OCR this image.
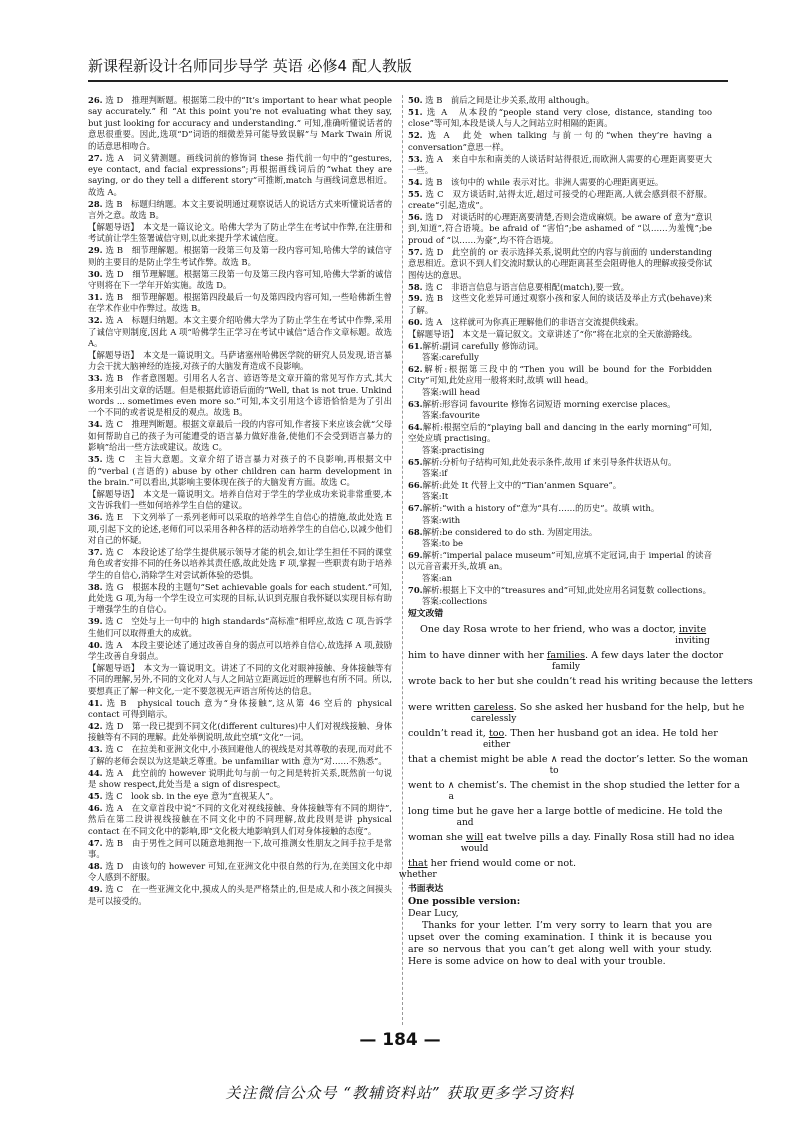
新课程新设计名师同步导学 英语 必修4 配人教版
26. 选 D　推理判断题。根据第二段中的“It’s important to hear what people say accurately.” 和 “At this point you’re not evaluating what they say, but just looking for accuracy and understanding.” 可知,准确听懂说话者的意思很重要。因此,选项“D”词语的细微差异可能导致误解”与 Mark Twain 所说的话意思相吻合。
27. 选 A　词义猜测题。画线词前的修饰词 these 指代前一句中的“gestures, eye contact, and facial expressions”;再根据画线词后的“what they are saying, or do they tell a different story”可推断,match 与画线词意思相近。故选 A。
28. 选 B　标题归纳题。本文主要说明通过观察说话人的说话方式来听懂说话者的言外之意。故选 B。
【解题导语】　本文是一篇议论文。哈佛大学为了防止学生在考试中作弊,在注册和考试前让学生签署诚信守则,以此来提升学术诚信度。
29. 选 B　细节理解题。根据第一段第三句及第一段内容可知,哈佛大学的诚信守则的主要目的是防止学生考试作弊。故选 B。
30. 选 D　细节理解题。根据第三段第一句及第三段内容可知,哈佛大学新的诚信守则将在下一学年开始实施。故选 D。
31. 选 B　细节理解题。根据第四段最后一句及第四段内容可知,一些哈佛新生曾在学术作业中作弊过。故选 B。
32. 选 A　标题归纳题。本文主要介绍哈佛大学为了防止学生在考试中作弊,采用了诚信守则制度,因此 A 项“哈佛学生正学习在考试中诚信”适合作文章标题。故选 A。
【解题导语】　本文是一篇说明文。马萨诸塞州哈佛医学院的研究人员发现,语言暴力会干扰大脑神经的连接,对孩子的大脑发育造成不良影响。
33. 选 B　作者意图题。引用名人名言、谚语等是文章开篇的常见写作方式,其大多用来引出文章的话题。但是根据此谚语后面的“Well, that is not true. Unkind words ... sometimes even more so.”可知,本文引用这个谚语恰恰是为了引出一个不同的或者说是相反的观点。故选 B。
34. 选 C　推理判断题。根据文章最后一段的内容可知,作者接下来应该会就“父母如何帮助自己的孩子为可能遭受的语言暴力做好准备,使他们不会受到语言暴力的影响”给出一些方法或建议。故选 C。
35. 选 C　主旨大意题。文章介绍了语言暴力对孩子的不良影响,再根据文中的“verbal (言语的) abuse by other children can harm development in the brain.”可以看出,其影响主要体现在孩子的大脑发育方面。故选 C。
【解题导语】　本文是一篇说明文。培养自信对于学生的学业成功来说非常重要,本文告诉我们一些如何培养学生自信的建议。
36. 选 E　下文列举了一系列老师可以采取的培养学生自信心的措施,故此处选 E 项,引起下文的论述,老师们可以采用各种各样的活动培养学生的自信心,以减少他们对自己的怀疑。
37. 选 C　本段论述了给学生提供展示领导才能的机会,如让学生担任不同的课堂角色或者安排不同的任务以培养其责任感,故此处选 F 项,掌握一些职责有助于培养学生的自信心,消除学生对尝试新体验的恐惧。
38. 选 G　根据本段的主题句“Set achievable goals for each student.”可知,此处选 G 项,为每一个学生设立可实现的目标,认识到克服自我怀疑以实现目标有助于增强学生的自信心。
39. 选 C　空处与上一句中的 high standards“高标准”相呼应,故选 C 项,告诉学生他们可以取得重大的成就。
40. 选 A　本段主要论述了通过改善自身的弱点可以培养自信心,故选择 A 项,鼓励学生改善自身弱点。
【解题导语】　本文为一篇说明文。讲述了不同的文化对眼神接触、身体接触等有不同的理解,另外,不同的文化对人与人之间站立距离远近的理解也有所不同。所以,要想真正了解一种文化,一定不要忽视无声语言所传达的信息。
41. 选 B　physical touch 意为“身体接触”,这从第 46 空后的 physical contact 可得到暗示。
42. 选 D　第一段已提到不同文化(different cultures)中人们对视线接触、身体接触等有不同的理解。此处举例说明,故此空填“文化”一词。
43. 选 C　在拉美和亚洲文化中,小孩回避他人的视线是对其尊敬的表现,而对此不了解的老师会误以为这是缺乏尊重。be unfamiliar with 意为“对……不熟悉”。
44. 选 A　此空前的 however 说明此句与前一句之间是转折关系,既然前一句说是 show respect,此处当是 a sign of disrespect。
45. 选 C　look sb. in the eye 意为“直视某人”。
46. 选 A　在文章首段中说“不同的文化对视线接触、身体接触等有不同的期待”,然后在第二段讲视线接触在不同文化中的不同理解,故此段则是讲 physical contact 在不同文化中的影响,即“文化极大地影响到人们对身体接触的态度”。
47. 选 B　由于男性之间可以随意地拥抱一下,故可推测女性朋友之间手拉手是常事。
48. 选 D　由该句的 however 可知,在亚洲文化中很自然的行为,在美国文化中却令人感到不舒服。
49. 选 C　在一些亚洲文化中,摸成人的头是严格禁止的,但是成人和小孩之间摸头是可以接受的。
50. 选 B　前后之间是让步关系,故用 although。
51. 选 A　从本段的“people stand very close, distance, standing too close”等可知,本段是谈人与人之间站立时相隔的距离。
52. 选 A　此处 when talking 与前一句的“when they’re having a conversation”意思一样。
53. 选 A　来自中东和南美的人谈话时站得很近,而欧洲人需要的心理距离要更大一些。
54. 选 B　该句中的 while 表示对比。非洲人需要的心理距离更远。
55. 选 C　双方谈话时,站得太近,超过可接受的心理距离,人就会感到很不舒服。create“引起,造成”。
56. 选 D　对谈话时的心理距离要清楚,否则会造成麻烦。be aware of 意为“意识到,知道”,符合语境。be afraid of “害怕”;be ashamed of “以……为羞愧”;be proud of “以……为豪”,均不符合语境。
57. 选 D　此空前的 or 表示选择关系,说明此空的内容与前面的 understanding 意思相近。意识不到人们交流时默认的心理距离甚至会阻碍他人的理解或接受你试图传达的意思。
58. 选 C　非语言信息与语言信息要相配(match),要一致。
59. 选 B　这些文化差异可通过观察小孩和家人间的谈话及举止方式(behave)来了解。
60. 选 A　这样就可为你真正理解他们的非语言交流提供线索。
【解题导语】　本文是一篇记叙文。文章讲述了“你”将在北京的全天旅游路线。
61.解析:副词 carefully 修饰动词。
答案:carefully
62.解析:根据第三段中的“Then you will be bound for the Forbidden City”可知,此处应用一般将来时,故填 will head。
答案:will head
63.解析:形容词 favourite 修饰名词短语 morning exercise places。
答案:favourite
64.解析:根据空后的“playing ball and dancing in the early morning”可知,空处应填 practising。
答案:practising
65.解析:分析句子结构可知,此处表示条件,故用 if 来引导条件状语从句。
答案:if
66.解析:此处 It 代替上文中的“Tian’anmen Square”。
答案:It
67.解析:“with a history of”意为“具有……的历史”。故填 with。
答案:with
68.解析:be considered to do sth. 为固定用法。
答案:to be
69.解析:“imperial palace museum”可知,应填不定冠词,由于 imperial 的读音以元音音素开头,故填 an。
答案:an
70.解析:根据上下文中的“treasures and”可知,此处应用名词复数 collections。
答案:collections
短文改错
One day Rosa wrote to her friend, who was a doctor, invite
inviting
him to have dinner with her families
family
. A few days later the doctor
wrote back to her but she couldn’t read his writing because the letters
were written careless
carelessly
. So she asked her husband for the help, but he
couldn’t read it, too
either
. Then her husband got an idea. He told her
that a chemist might be able ∧
to
read the doctor’s letter. So the woman
went to ∧
a
chemist’s. The chemist in the shop studied the letter for a
long time but
and
he gave her a large bottle of medicine. He told the
woman she will
would
eat twelve pills a day. Finally Rosa still had no idea
that
whether
her friend would come or not.
书面表达
One possible version:
Dear Lucy,
Thanks for your letter. I’m very sorry to learn that you are upset over the coming examination. I think it is because you are so nervous that you can’t get along well with your study. Here is some advice on how to deal with your trouble.
— 184 —
关注微信公众号 “教辅资料站” 获取更多学习资料
